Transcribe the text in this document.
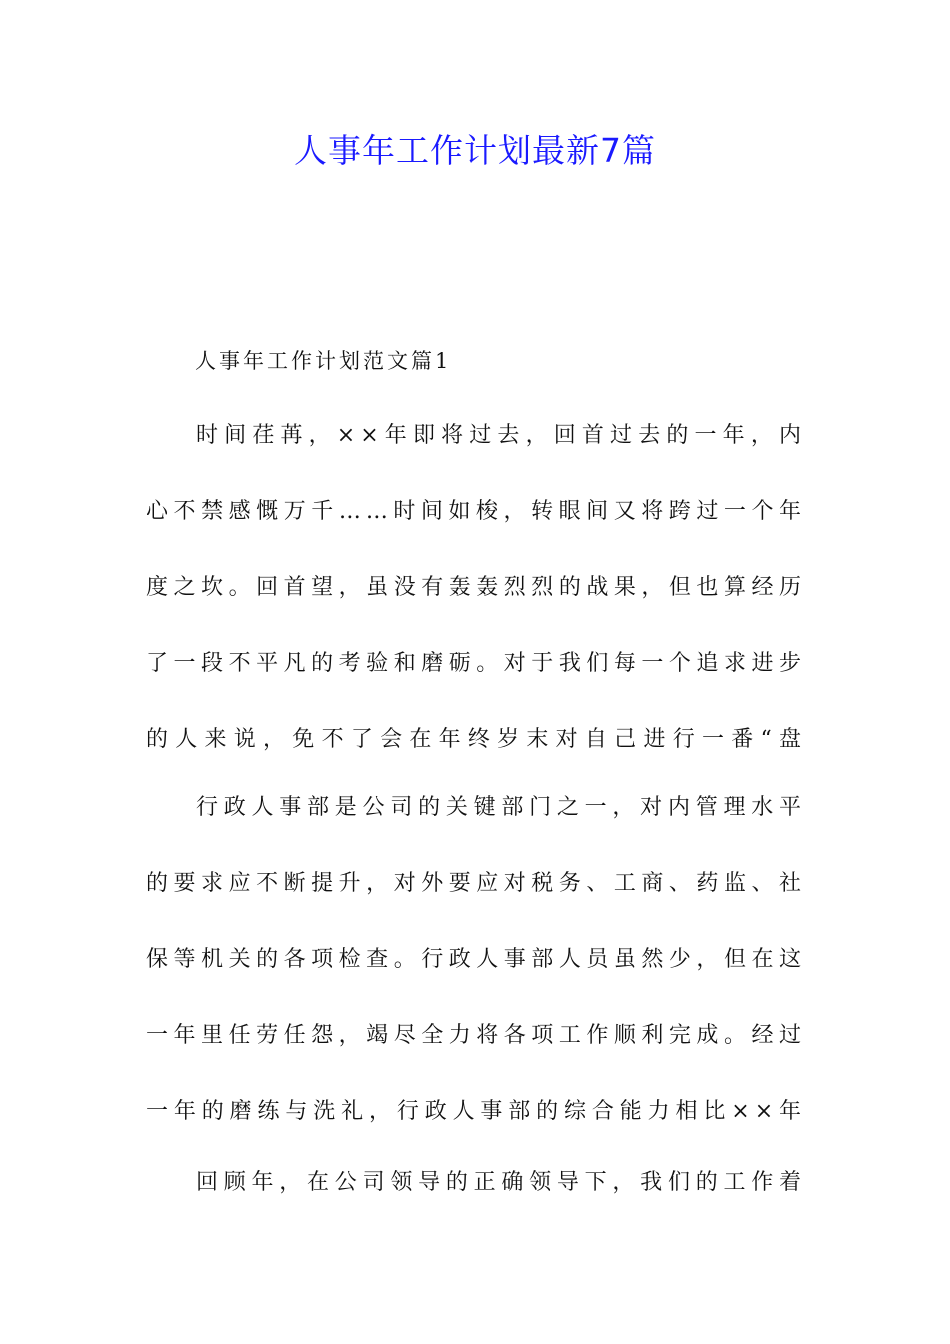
人事年工作计划最新7篇

人事年工作计划范文篇1

时间荏苒，××年即将过去，回首过去的一年，内心不禁感慨万千……时间如梭，转眼间又将跨过一个年度之坎。回首望，虽没有轰轰烈烈的战果，但也算经历了一段不平凡的考验和磨砺。对于我们每一个追求进步的人来说，免不了会在年终岁末对自己进行一番“盘

行政人事部是公司的关键部门之一，对内管理水平的要求应不断提升，对外要应对税务、工商、药监、社保等机关的各项检查。行政人事部人员虽然少，但在这一年里任劳任怨，竭尽全力将各项工作顺利完成。经过一年的磨练与洗礼，行政人事部的综合能力相比××年

回顾年，在公司领导的正确领导下，我们的工作着
